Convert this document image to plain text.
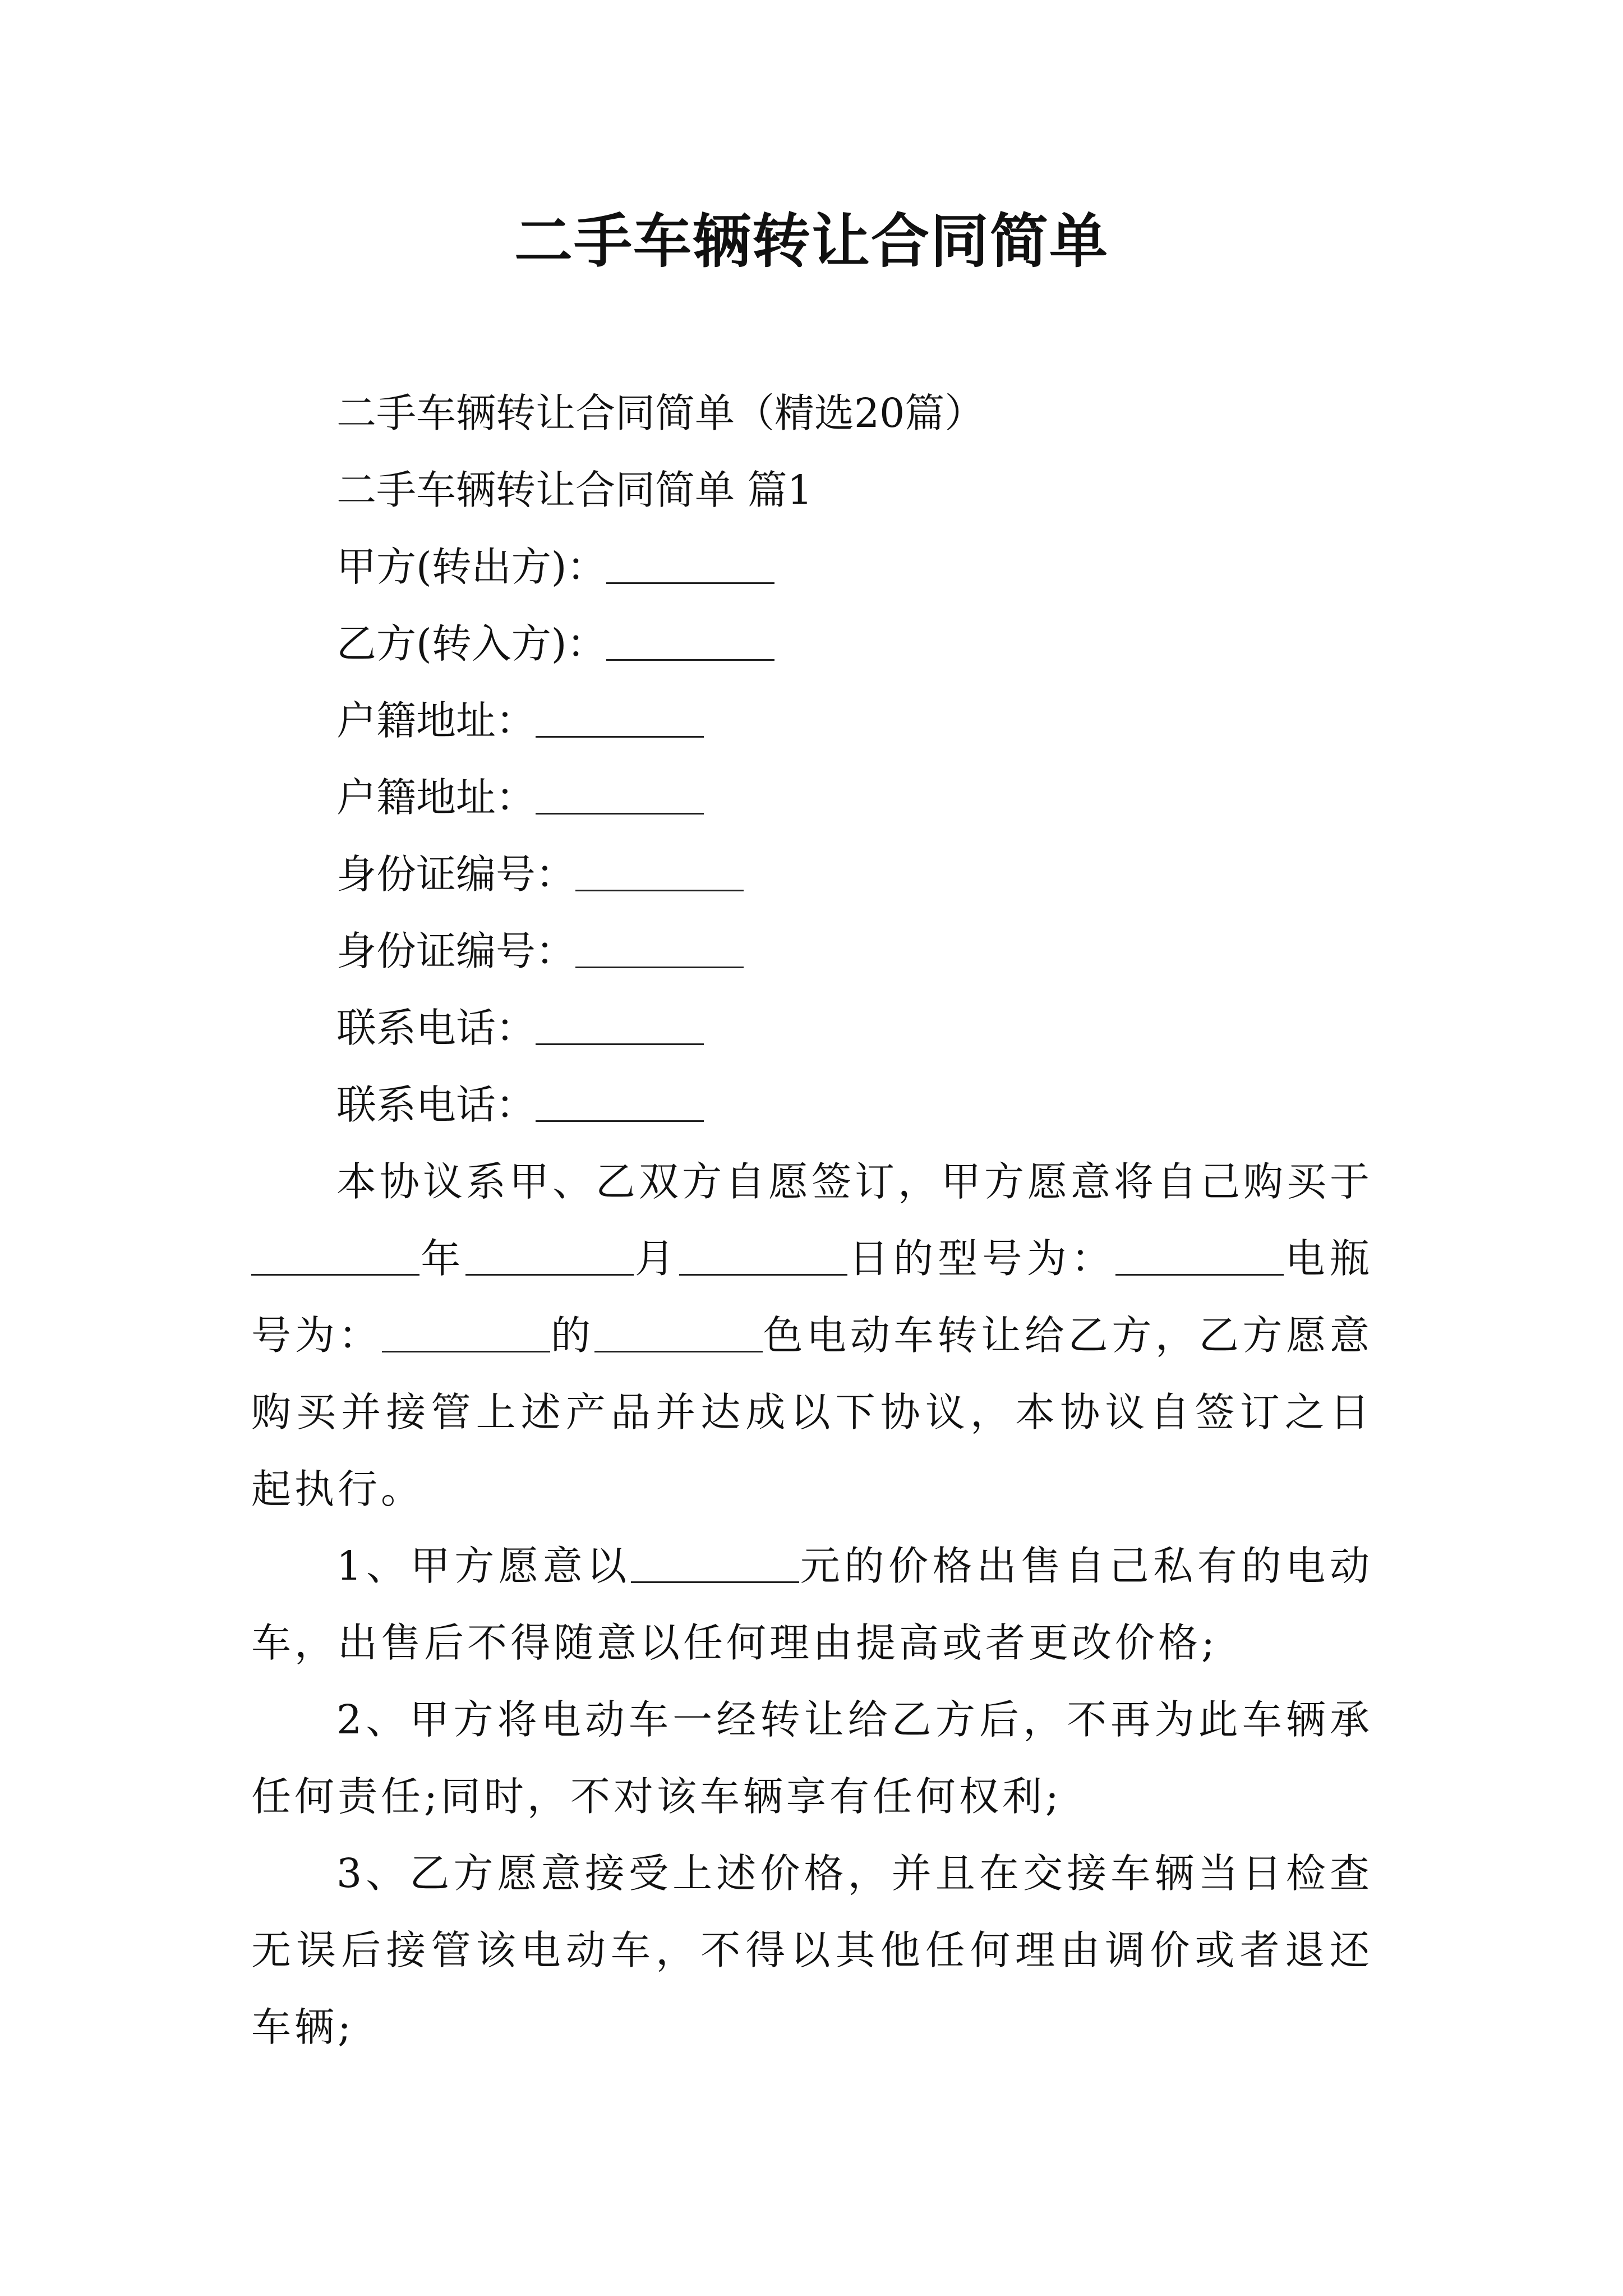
二手车辆转让合同简单
二手车辆转让合同简单（精选20篇）
二手车辆转让合同简单 篇1
甲方(转出方)：
乙方(转入方)：
户籍地址：
户籍地址：
身份证编号：
身份证编号：
联系电话：
联系电话：
本协议系甲、乙双方自愿签订，甲方愿意将自己购买于年	月	日的型号为：	电瓶号为：	的	色电动车转让给乙方，乙方愿意购买并接管上述产品并达成以下协议，本协议自签订之日起执行。
1、甲方愿意以	元的价格出售自己私有的电动车，出售后不得随意以任何理由提高或者更改价格;
2、甲方将电动车一经转让给乙方后，不再为此车辆承任何责任;同时，不对该车辆享有任何权利;
3、乙方愿意接受上述价格，并且在交接车辆当日检查无误后接管该电动车，不得以其他任何理由调价或者退还车辆;
